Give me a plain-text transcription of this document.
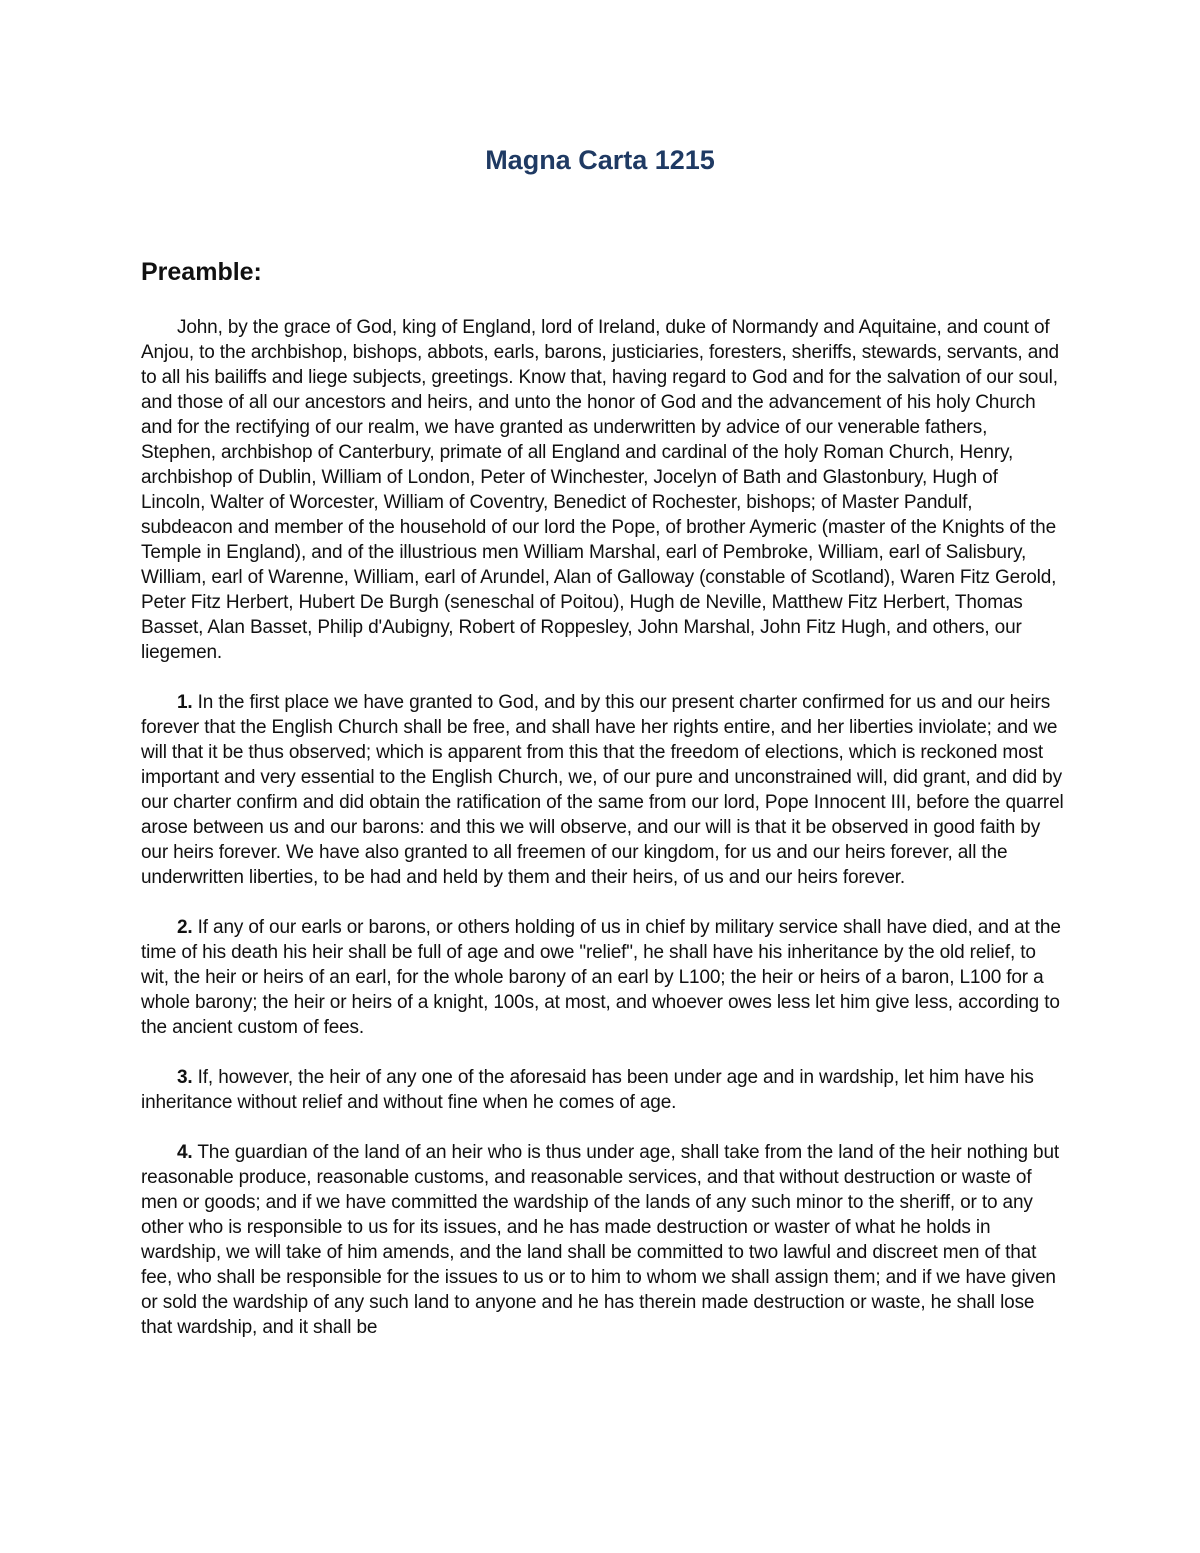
Magna Carta 1215
Preamble:

John, by the grace of God, king of England, lord of Ireland, duke of Normandy and Aquitaine, and count of Anjou, to the archbishop, bishops, abbots, earls, barons, justiciaries, foresters, sheriffs, stewards, servants, and to all his bailiffs and liege subjects, greetings. Know that, having regard to God and for the salvation of our soul, and those of all our ancestors and heirs, and unto the honor of God and the advancement of his holy Church and for the rectifying of our realm, we have granted as underwritten by advice of our venerable fathers, Stephen, archbishop of Canterbury, primate of all England and cardinal of the holy Roman Church, Henry, archbishop of Dublin, William of London, Peter of Winchester, Jocelyn of Bath and Glastonbury, Hugh of Lincoln, Walter of Worcester, William of Coventry, Benedict of Rochester, bishops; of Master Pandulf, subdeacon and member of the household of our lord the Pope, of brother Aymeric (master of the Knights of the Temple in England), and of the illustrious men William Marshal, earl of Pembroke, William, earl of Salisbury, William, earl of Warenne, William, earl of Arundel, Alan of Galloway (constable of Scotland), Waren Fitz Gerold, Peter Fitz Herbert, Hubert De Burgh (seneschal of Poitou), Hugh de Neville, Matthew Fitz Herbert, Thomas Basset, Alan Basset, Philip d'Aubigny, Robert of Roppesley, John Marshal, John Fitz Hugh, and others, our liegemen.

1. In the first place we have granted to God, and by this our present charter confirmed for us and our heirs forever that the English Church shall be free, and shall have her rights entire, and her liberties inviolate; and we will that it be thus observed; which is apparent from this that the freedom of elections, which is reckoned most important and very essential to the English Church, we, of our pure and unconstrained will, did grant, and did by our charter confirm and did obtain the ratification of the same from our lord, Pope Innocent III, before the quarrel arose between us and our barons: and this we will observe, and our will is that it be observed in good faith by our heirs forever. We have also granted to all freemen of our kingdom, for us and our heirs forever, all the underwritten liberties, to be had and held by them and their heirs, of us and our heirs forever.

2. If any of our earls or barons, or others holding of us in chief by military service shall have died, and at the time of his death his heir shall be full of age and owe "relief", he shall have his inheritance by the old relief, to wit, the heir or heirs of an earl, for the whole barony of an earl by L100; the heir or heirs of a baron, L100 for a whole barony; the heir or heirs of a knight, 100s, at most, and whoever owes less let him give less, according to the ancient custom of fees.

3. If, however, the heir of any one of the aforesaid has been under age and in wardship, let him have his inheritance without relief and without fine when he comes of age.

4. The guardian of the land of an heir who is thus under age, shall take from the land of the heir nothing but reasonable produce, reasonable customs, and reasonable services, and that without destruction or waste of men or goods; and if we have committed the wardship of the lands of any such minor to the sheriff, or to any other who is responsible to us for its issues, and he has made destruction or waster of what he holds in wardship, we will take of him amends, and the land shall be committed to two lawful and discreet men of that fee, who shall be responsible for the issues to us or to him to whom we shall assign them; and if we have given or sold the wardship of any such land to anyone and he has therein made destruction or waste, he shall lose that wardship, and it shall be
